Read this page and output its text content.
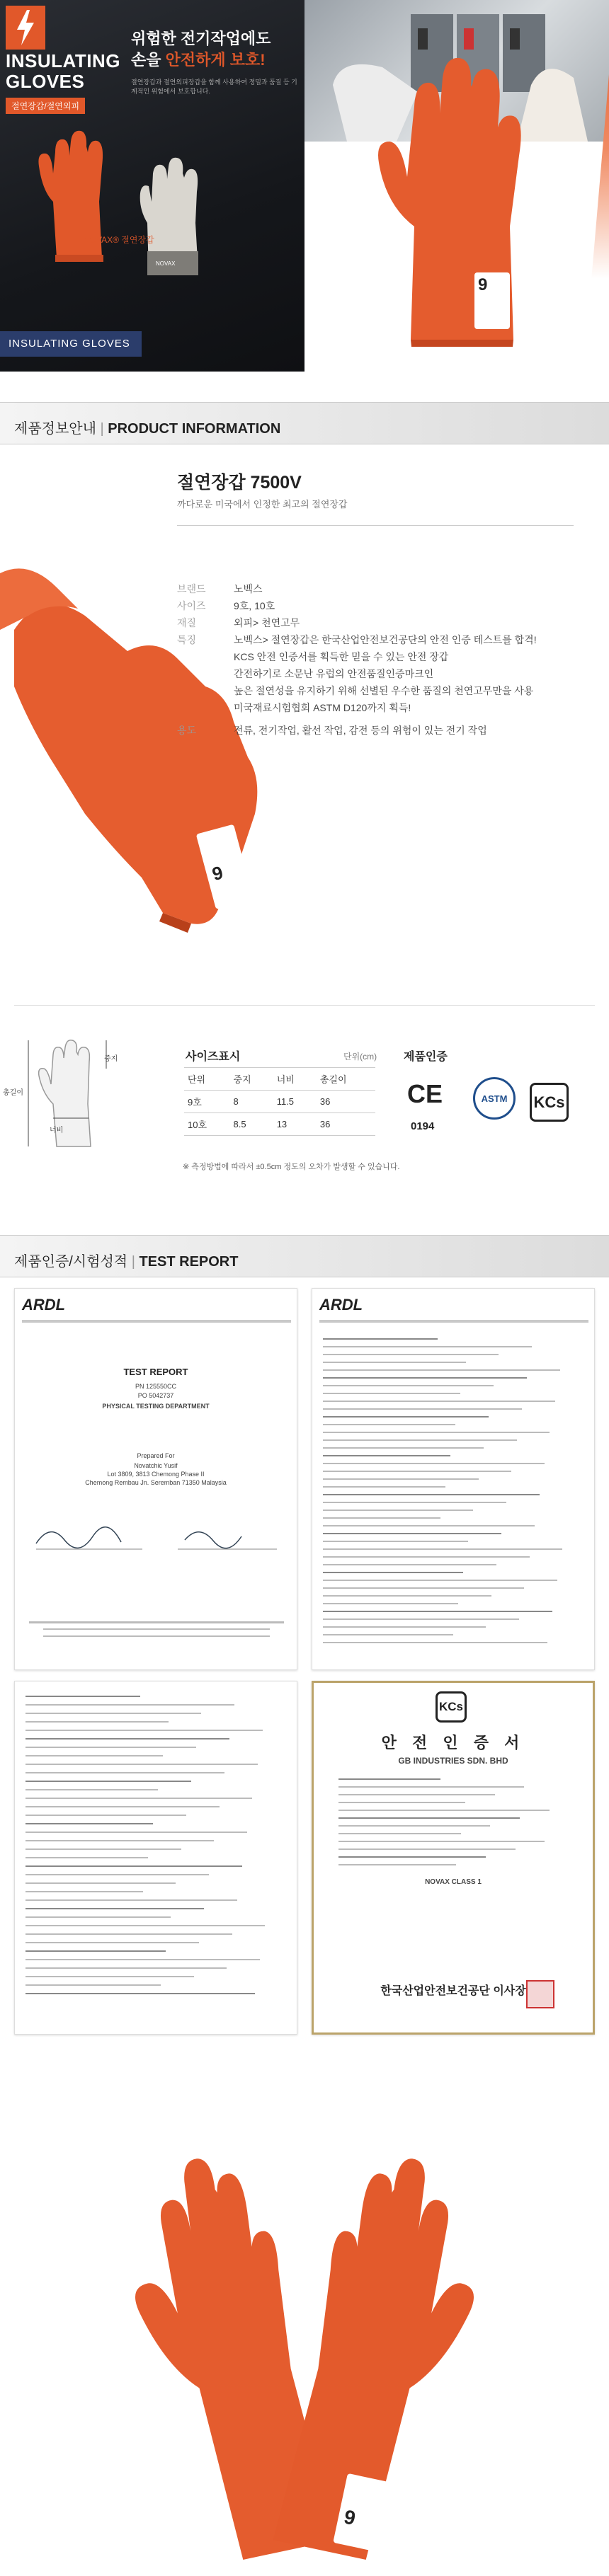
INSULATING
GLOVES
절연장갑/절연외피
위험한 전기작업에도
손을 안전하게 보호!
절연장갑과 절연외피장갑을 함께 사용하여 정밀과 품질 등 기계적인 위험에서 보호합니다.
NOVAX
NOVAX® 절연장갑
INSULATING GLOVES
9
제품정보안내 | PRODUCT INFORMATION
절연장갑 7500V
까다로운 미국에서 인정한 최고의 절연장갑
9
브랜드	노벡스
사이즈	9호, 10호
재질	외피> 천연고무
특징	노벡스> 절연장갑은 한국산업안전보건공단의 안전 인증 테스트를 합격!
KCS 안전 인증서를 획득한 믿을 수 있는 안전 장갑
간전하기로 소문난 유럽의 안전품질인증마크인
높은 절연성을 유지하기 위해 선별된 우수한 품질의 천연고무만을 사용
미국재료시험협회 ASTM D120까지 획득!
용도	전류, 전기작업, 활선 작업, 감전 등의 위험이 있는 전기 작업
중지
너비
총길이
사이즈표시	단위(cm)
단위	중지	너비	총길이
9호	8	11.5	36
10호	8.5	13	36
※ 측정방법에 따라서 ±0.5cm 정도의 오차가 발생할 수 있습니다.
제품인증
CE
0194
ASTM	KCs
제품인증/시험성적 | TEST REPORT
ARDL
TEST REPORT
PN 125550CC
PO 5042737
PHYSICAL TESTING DEPARTMENT
Prepared For
Novatchic Yusif
Lot 3809, 3813 Chemong Phase II
Chemong Rembau Jn. Seremban 71350 Malaysia
ARDL
KCs
안 전 인 증 서
GB INDUSTRIES SDN. BHD
NOVAX CLASS 1
한국산업안전보건공단 이사장
9
